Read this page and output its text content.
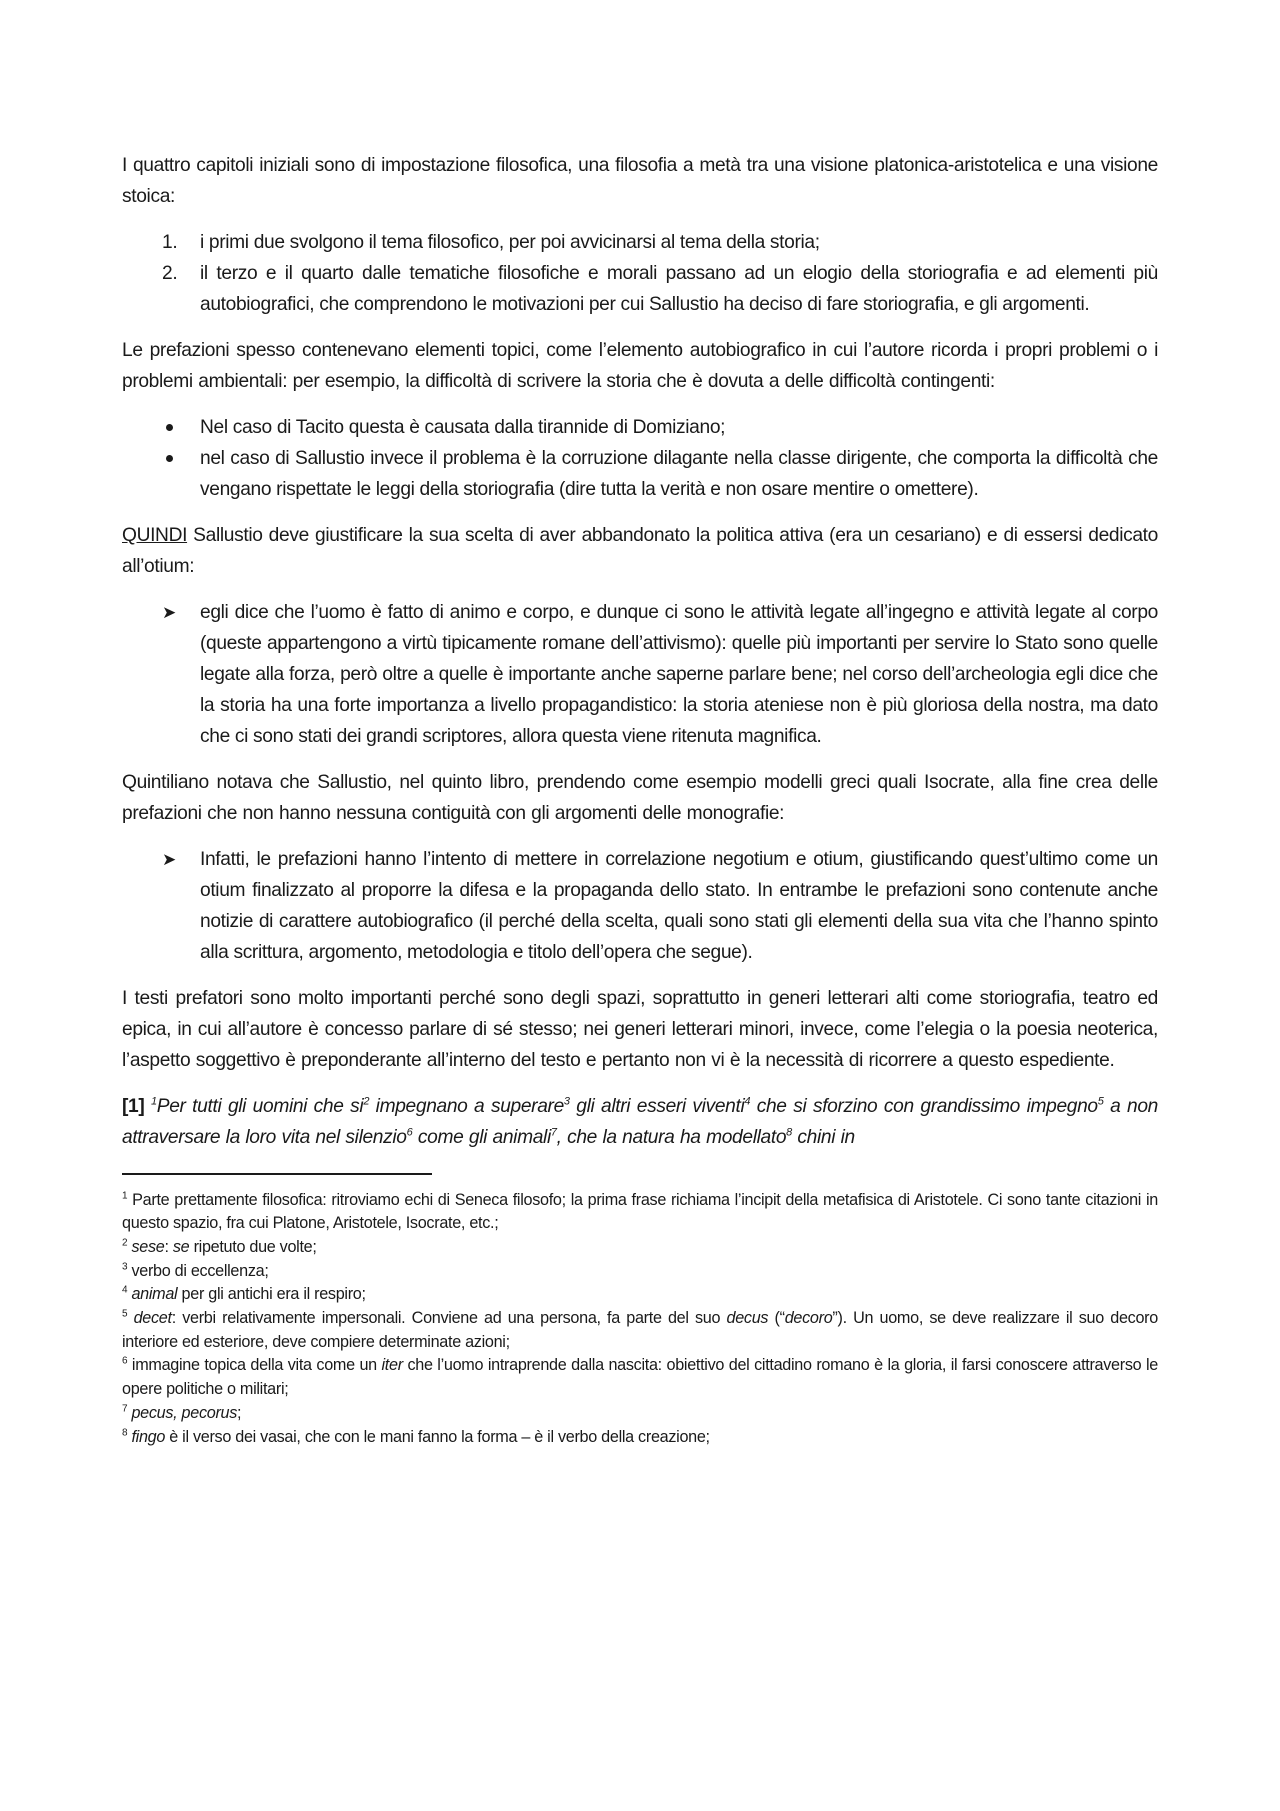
I quattro capitoli iniziali sono di impostazione filosofica, una filosofia a metà tra una visione platonica-aristotelica e una visione stoica:

1.	i primi due svolgono il tema filosofico, per poi avvicinarsi al tema della storia;
2.	il terzo e il quarto dalle tematiche filosofiche e morali passano ad un elogio della storiografia e ad elementi più autobiografici, che comprendono le motivazioni per cui Sallustio ha deciso di fare storiografia, e gli argomenti.

Le prefazioni spesso contenevano elementi topici, come l’elemento autobiografico in cui l’autore ricorda i propri problemi o i problemi ambientali: per esempio, la difficoltà di scrivere la storia che è dovuta a delle difficoltà contingenti:

Nel caso di Tacito questa è causata dalla tirannide di Domiziano;
nel caso di Sallustio invece il problema è la corruzione dilagante nella classe dirigente, che comporta la difficoltà che vengano rispettate le leggi della storiografia (dire tutta la verità e non osare mentire o omettere).

QUINDI Sallustio deve giustificare la sua scelta di aver abbandonato la politica attiva (era un cesariano) e di essersi dedicato all’otium:

➤ egli dice che l’uomo è fatto di animo e corpo, e dunque ci sono le attività legate all’ingegno e attività legate al corpo (queste appartengono a virtù tipicamente romane dell’attivismo): quelle più importanti per servire lo Stato sono quelle legate alla forza, però oltre a quelle è importante anche saperne parlare bene; nel corso dell’archeologia egli dice che la storia ha una forte importanza a livello propagandistico: la storia ateniese non è più gloriosa della nostra, ma dato che ci sono stati dei grandi scriptores, allora questa viene ritenuta magnifica.

Quintiliano notava che Sallustio, nel quinto libro, prendendo come esempio modelli greci quali Isocrate, alla fine crea delle prefazioni che non hanno nessuna contiguità con gli argomenti delle monografie:

➤ Infatti, le prefazioni hanno l’intento di mettere in correlazione negotium e otium, giustificando quest’ultimo come un otium finalizzato al proporre la difesa e la propaganda dello stato. In entrambe le prefazioni sono contenute anche notizie di carattere autobiografico (il perché della scelta, quali sono stati gli elementi della sua vita che l’hanno spinto alla scrittura, argomento, metodologia e titolo dell’opera che segue).

I testi prefatori sono molto importanti perché sono degli spazi, soprattutto in generi letterari alti come storiografia, teatro ed epica, in cui all’autore è concesso parlare di sé stesso; nei generi letterari minori, invece, come l’elegia o la poesia neoterica, l’aspetto soggettivo è preponderante all’interno del testo e pertanto non vi è la necessità di ricorrere a questo espediente.

[1] $^1$Per tutti gli uomini che $si^2$ impegnano a superare$^3$ gli altri esseri viventi$^4$ che si sforzino con grandissimo impegno$^5$ a non attraversare la loro vita nel silenzio$^6$ come gli animali$^7$, che la natura ha modellato$^8$ chini in

$^1$ Parte prettamente filosofica: ritroviamo echi di Seneca filosofo; la prima frase richiama l’incipit della metafisica di Aristotele. Ci sono tante citazioni in questo spazio, fra cui Platone, Aristotele, Isocrate, etc.;

$^2$ sese: se ripetuto due volte;

$^3$ verbo di eccellenza;

$^4$ animal per gli antichi era il respiro;

$^5$ decet: verbi relativamente impersonali. Conviene ad una persona, fa parte del suo decus (“decoro”). Un uomo, se deve realizzare il suo decoro interiore ed esteriore, deve compiere determinate azioni;

$^6$ immagine topica della vita come un iter che l’uomo intraprende dalla nascita: obiettivo del cittadino romano è la gloria, il farsi conoscere attraverso le opere politiche o militari;

$^7$ pecus, pecorus;

$^8$ fingo è il verso dei vasai, che con le mani fanno la forma – è il verbo della creazione;
